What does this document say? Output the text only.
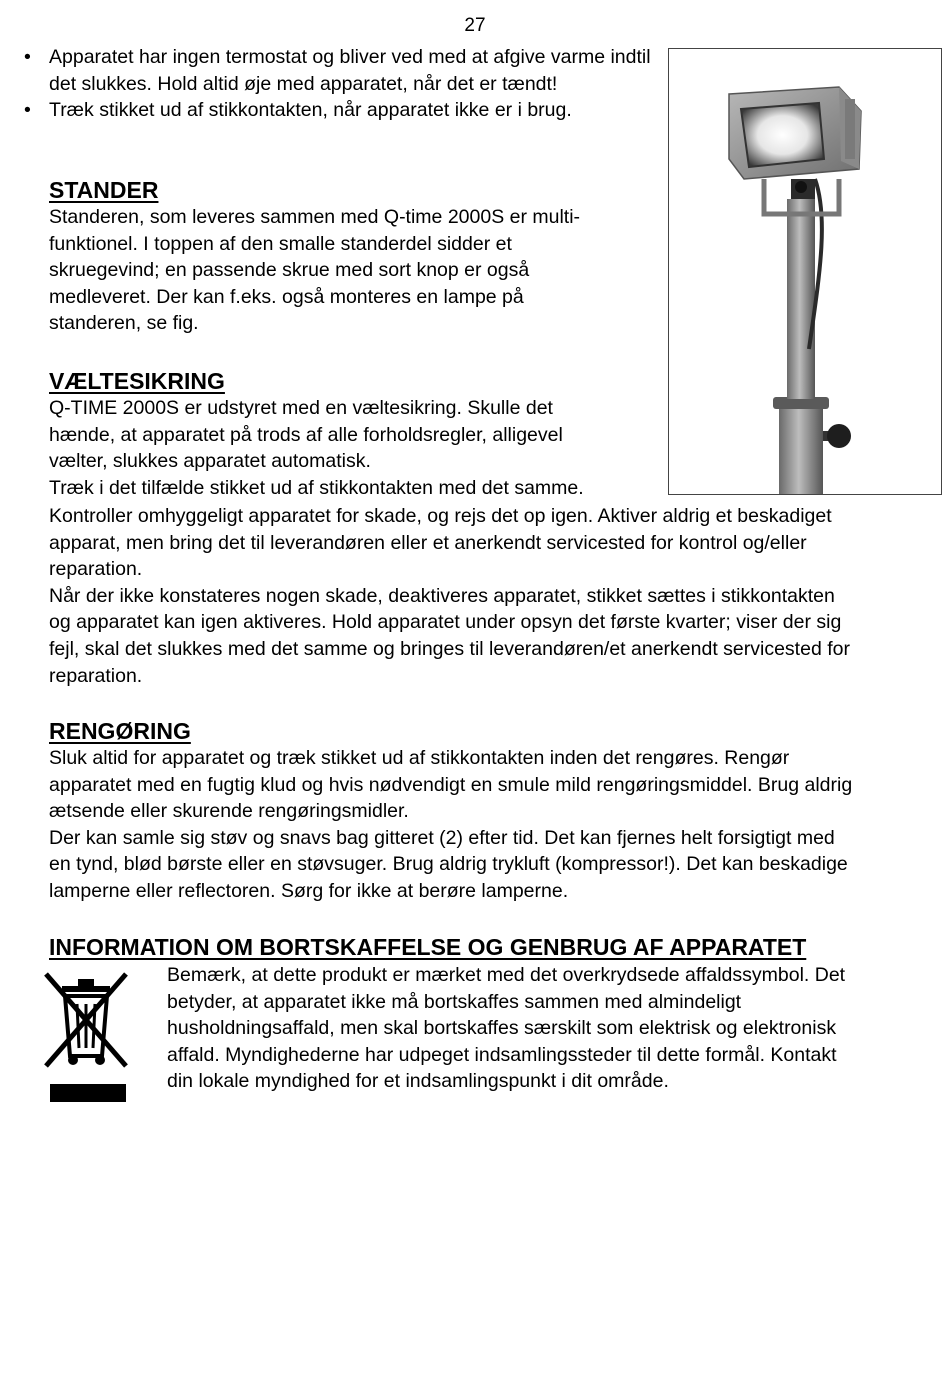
27
• Apparatet har ingen termostat og bliver ved med at afgive varme indtil det slukkes. Hold altid øje med apparatet, når det er tændt!
• Træk stikket ud af stikkontakten, når apparatet ikke er i brug.
STANDER

Standeren, som leveres sammen med Q-time 2000S er multi-

funktionel. I toppen af den smalle standerdel sidder et

skruegevind; en passende skrue med sort knop er også

medleveret. Der kan f.eks. også monteres en lampe på

standeren, se fig.

VÆLTESIKRING

Q-TIME 2000S er udstyret med en væltesikring. Skulle det

hænde, at apparatet på trods af alle forholdsregler, alligevel

vælter, slukkes apparatet automatisk.

Træk i det tilfælde stikket ud af stikkontakten med det samme.

Kontroller omhyggeligt apparatet for skade, og rejs det op igen. Aktiver aldrig et beskadiget

apparat, men bring det til leverandøren eller et anerkendt servicested for kontrol og/eller

reparation.

Når der ikke konstateres nogen skade, deaktiveres apparatet, stikket sættes i stikkontakten

og apparatet kan igen aktiveres. Hold apparatet under opsyn det første kvarter; viser der sig

fejl, skal det slukkes med det samme og bringes til leverandøren/et anerkendt servicested for

reparation.

RENGØRING

Sluk altid for apparatet og træk stikket ud af stikkontakten inden det rengøres. Rengør

apparatet med en fugtig klud og hvis nødvendigt en smule mild rengøringsmiddel. Brug aldrig

ætsende eller skurende rengøringsmidler.

Der kan samle sig støv og snavs bag gitteret (2) efter tid. Det kan fjernes helt forsigtigt med

en tynd, blød børste eller en støvsuger. Brug aldrig trykluft (kompressor!). Det kan beskadige

lamperne eller reflectoren. Sørg for ikke at berøre lamperne.

INFORMATION OM BORTSKAFFELSE OG GENBRUG AF APPARATET

Bemærk, at dette produkt er mærket med det overkrydsede affaldssymbol. Det

betyder, at apparatet ikke må bortskaffes sammen med almindeligt

husholdningsaffald, men skal bortskaffes særskilt som elektrisk og elektronisk

affald. Myndighederne har udpeget indsamlingssteder til dette formål. Kontakt

din lokale myndighed for et indsamlingspunkt i dit område.
